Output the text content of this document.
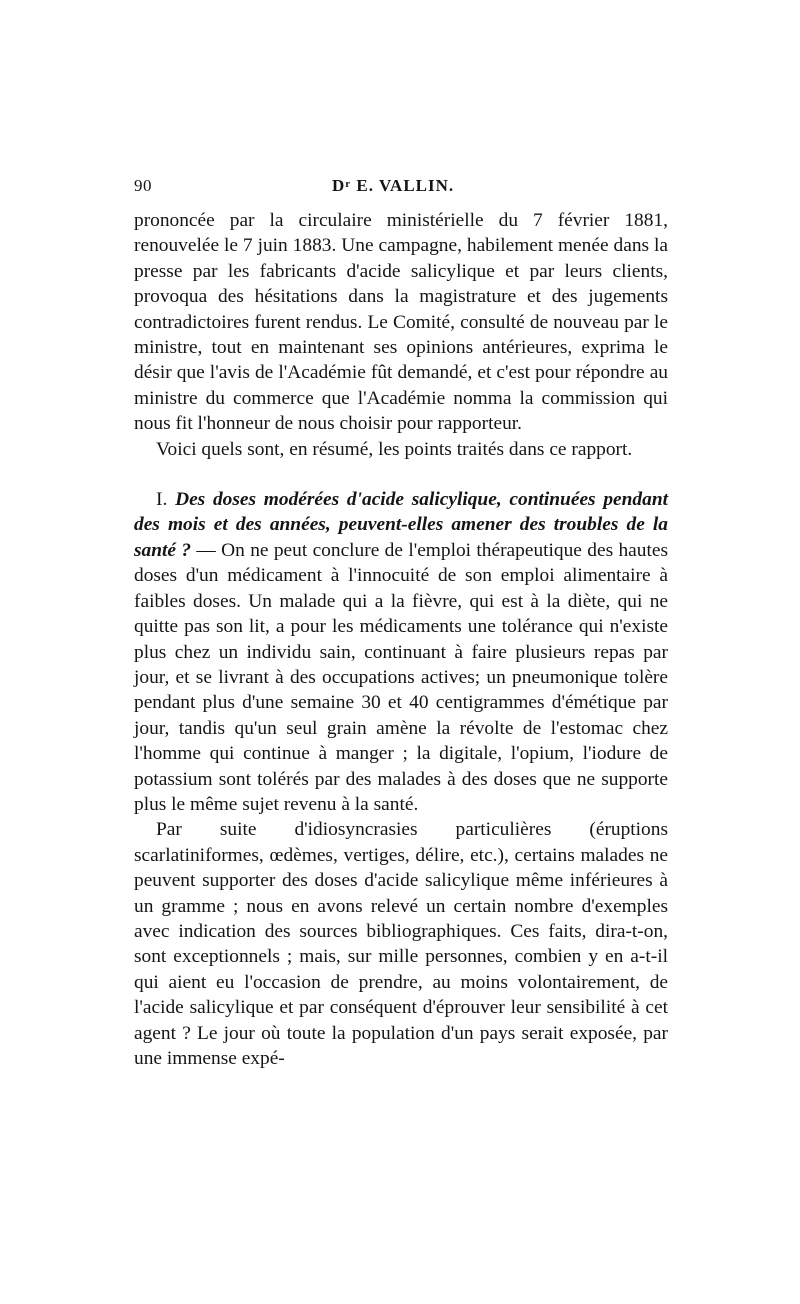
90	$D^r$ E. VALLIN.

prononcée par la circulaire ministérielle du 7 février 1881, renouvelée le 7 juin 1883. Une campagne, habilement menée dans la presse par les fabricants d'acide salicylique et par leurs clients, provoqua des hésitations dans la magistrature et des jugements contradictoires furent rendus. Le Comité, consulté de nouveau par le ministre, tout en maintenant ses opinions antérieures, exprima le désir que l'avis de l'Académie fût demandé, et c'est pour répondre au ministre du commerce que l'Académie nomma la commission qui nous fit l'honneur de nous choisir pour rapporteur.

Voici quels sont, en résumé, les points traités dans ce rapport.

I. Des doses modérées d'acide salicylique, continuées pendant des mois et des années, peuvent-elles amener des troubles de la santé ? — On ne peut conclure de l'emploi thérapeutique des hautes doses d'un médicament à l'innocuité de son emploi alimentaire à faibles doses. Un malade qui a la fièvre, qui est à la diète, qui ne quitte pas son lit, a pour les médicaments une tolérance qui n'existe plus chez un individu sain, continuant à faire plusieurs repas par jour, et se livrant à des occupations actives; un pneumonique tolère pendant plus d'une semaine 30 et 40 centigrammes d'émétique par jour, tandis qu'un seul grain amène la révolte de l'estomac chez l'homme qui continue à manger ; la digitale, l'opium, l'iodure de potassium sont tolérés par des malades à des doses que ne supporte plus le même sujet revenu à la santé.

Par suite d'idiosyncrasies particulières (éruptions scarlatiniformes, œdèmes, vertiges, délire, etc.), certains malades ne peuvent supporter des doses d'acide salicylique même inférieures à un gramme ; nous en avons relevé un certain nombre d'exemples avec indication des sources bibliographiques. Ces faits, dira-t-on, sont exceptionnels ; mais, sur mille personnes, combien y en a-t-il qui aient eu l'occasion de prendre, au moins volontairement, de l'acide salicylique et par conséquent d'éprouver leur sensibilité à cet agent ? Le jour où toute la population d'un pays serait exposée, par une immense expé-
